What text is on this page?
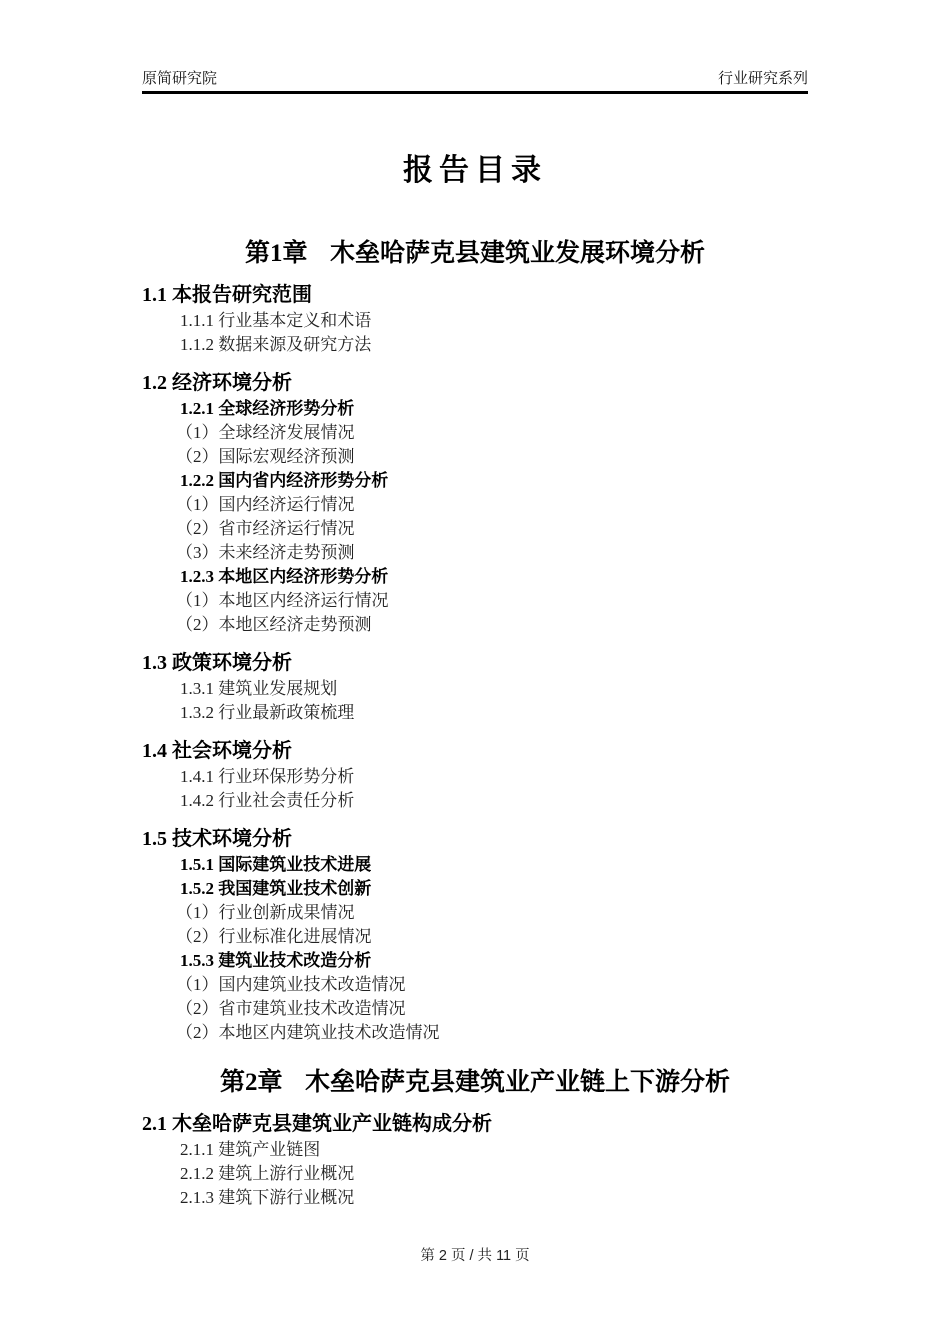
原简研究院	行业研究系列
报告目录
第1章 木垒哈萨克县建筑业发展环境分析
1.1 本报告研究范围
1.1.1 行业基本定义和术语
1.1.2 数据来源及研究方法
1.2 经济环境分析
1.2.1 全球经济形势分析
（1）全球经济发展情况
（2）国际宏观经济预测
1.2.2 国内省内经济形势分析
（1）国内经济运行情况
（2）省市经济运行情况
（3）未来经济走势预测
1.2.3 本地区内经济形势分析
（1）本地区内经济运行情况
（2）本地区经济走势预测
1.3 政策环境分析
1.3.1 建筑业发展规划
1.3.2 行业最新政策梳理
1.4 社会环境分析
1.4.1 行业环保形势分析
1.4.2 行业社会责任分析
1.5 技术环境分析
1.5.1 国际建筑业技术进展
1.5.2 我国建筑业技术创新
（1）行业创新成果情况
（2）行业标准化进展情况
1.5.3 建筑业技术改造分析
（1）国内建筑业技术改造情况
（2）省市建筑业技术改造情况
（2）本地区内建筑业技术改造情况
第2章 木垒哈萨克县建筑业产业链上下游分析
2.1 木垒哈萨克县建筑业产业链构成分析
2.1.1 建筑产业链图
2.1.2 建筑上游行业概况
2.1.3 建筑下游行业概况
第 2 页 / 共 11 页
